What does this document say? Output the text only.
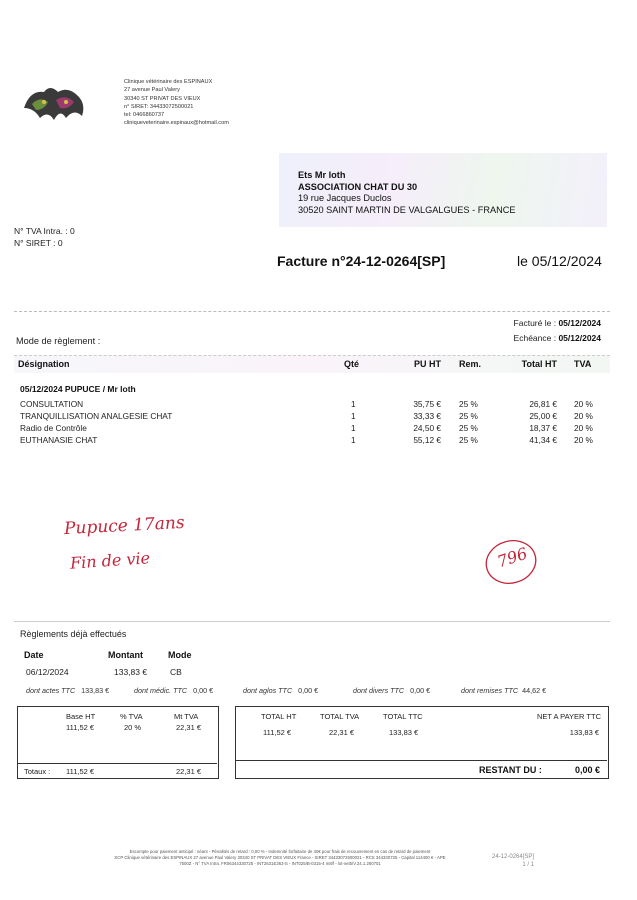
Clinique vétérinaire des ESPINAUX
27 avenue Paul Valery
30340 ST PRIVAT DES VIEUX
n° SIRET: 34433072500021
tel: 0466860737
cliniqueveterinaire.espinaux@hotmail.com
Ets Mr loth
ASSOCIATION CHAT DU 30
19 rue Jacques Duclos
30520 SAINT MARTIN DE VALGALGUES - FRANCE
N° TVA Intra. : 0
N° SIRET : 0
Facture n°24-12-0264[SP]	le 05/12/2024
Facturé le : 05/12/2024
Echéance : 05/12/2024
Mode de règlement :
Désignation	Qté	PU HT Rem.	Total HT TVA
05/12/2024 PUPUCE / Mr loth
CONSULTATION	1	35,75 € 25 %	26,81 € 20 %
TRANQUILLISATION ANALGESIE CHAT	1	33,33 € 25 %	25,00 € 20 %
Radio de Contrôle	1	24,50 € 25 %	18,37 € 20 %
EUTHANASIE CHAT	1	55,12 € 25 %	41,34 € 20 %
Pupuce 17ans
Fin de vie	796
Règlements déjà effectués
Date	Montant	Mode
06/12/2024	133,83 €	CB
dont actes TTC 133,83 €	dont médic. TTC 0,00 €	dont aglos TTC 0,00 €	dont divers TTC 0,00 €	dont remises TTC 44,62 €
Base HT	% TVA	Mt TVA
111,52 €	20 %	22,31 €
Totaux : 111,52 €	22,31 €
TOTAL HT	TOTAL TVA	TOTAL TTC	NET A PAYER TTC
111,52 €	22,31 €	133,83 €	133,83 €
RESTANT DU :	0,00 €
Escompte pour paiement anticipé : néant - Pénalités de retard : 0,00 % - Indemnité forfaitaire de 40€ pour frais de recouvrement en cas de retard de paiement
SCP Clinique vétérinaire des ESPINAUX 27 avenue Paul Valery 30340 ST PRIVAT DES VIEUX France - SIRET 34433072500021 - RCS 344330725 - Capital 114400 € - APE
7500Z - N° TVA Intra. FR06344330725 - INT2631E363-S - INT025/B-0315-4 m8/f - lot-vet5/V.24.1.260701
24-12-0264[SP]
1 / 1
